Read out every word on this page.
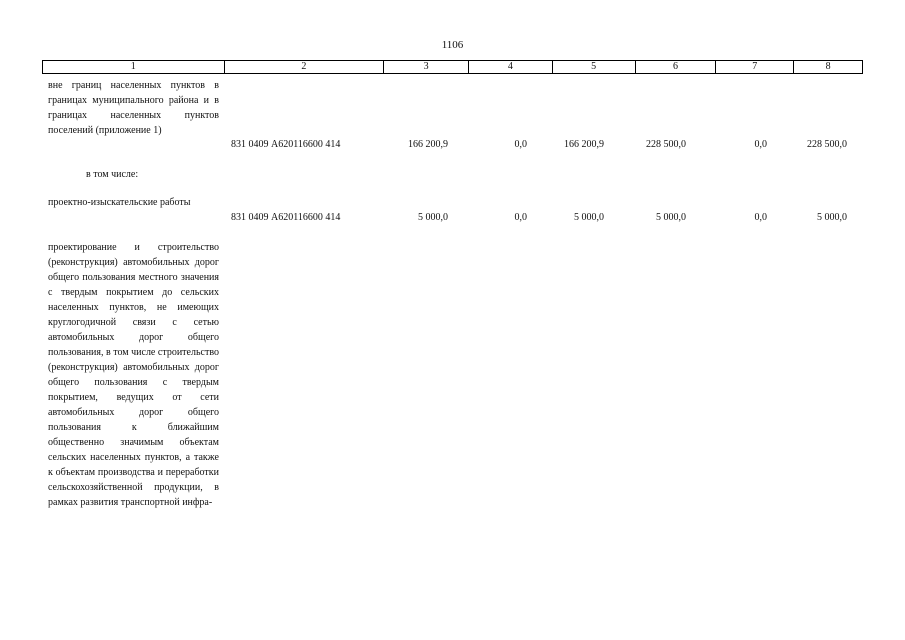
1106
1	2	3	4	5	6	7	8
вне границ населенных пунктов в границах муниципального района и в границах населенных пунктов поселений (приложение 1)
831 0409 А620116600 414	166 200,9	0,0	166 200,9	228 500,0	0,0	228 500,0
в том числе:
проектно-изыскательские работы
831 0409 А620116600 414	5 000,0	0,0	5 000,0	5 000,0	0,0	5 000,0
проектирование и строительство (реконструкция) автомобильных дорог общего пользования местного значения с твердым покрытием до сельских населенных пунктов, не имеющих круглогодичной связи с сетью автомобильных дорог общего пользования, в том числе строительство (реконструкция) автомобильных дорог общего пользования с твердым покрытием, ведущих от сети автомобильных дорог общего пользования к ближайшим общественно значимым объектам сельских населенных пунктов, а также к объектам производства и переработки сельскохозяйственной продукции, в рамках развития транспортной инфра-
